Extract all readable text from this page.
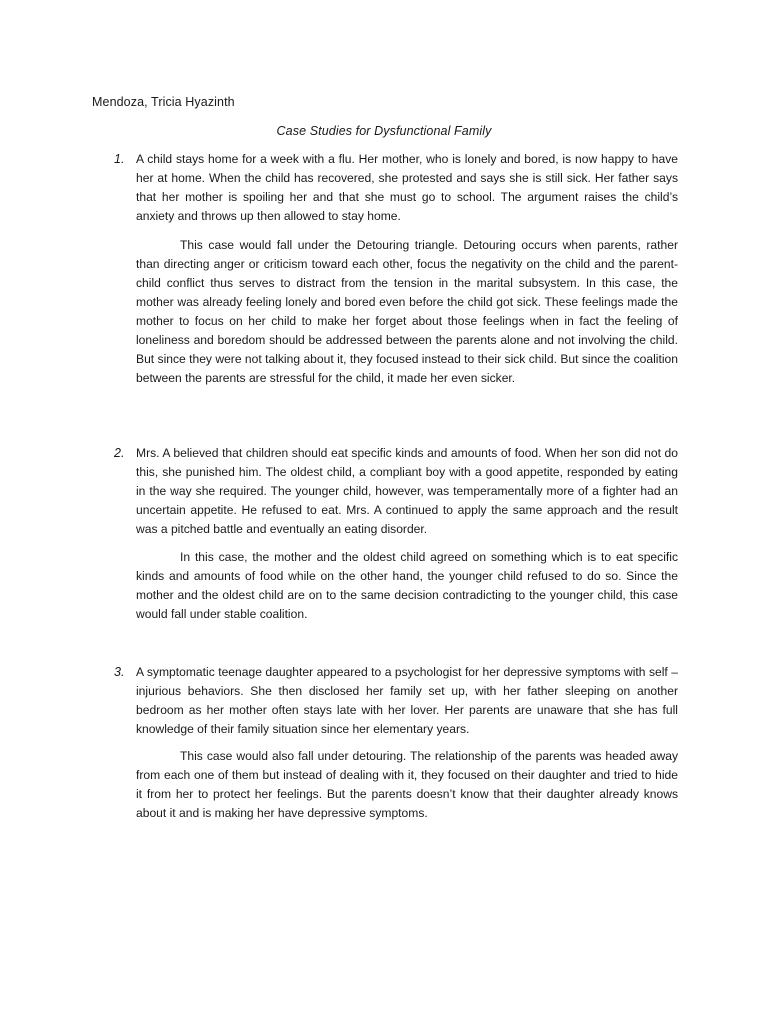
Mendoza, Tricia Hyazinth
Case Studies for Dysfunctional Family
1. A child stays home for a week with a flu. Her mother, who is lonely and bored, is now happy to have her at home. When the child has recovered, she protested and says she is still sick. Her father says that her mother is spoiling her and that she must go to school. The argument raises the child’s anxiety and throws up then allowed to stay home.

This case would fall under the Detouring triangle. Detouring occurs when parents, rather than directing anger or criticism toward each other, focus the negativity on the child and the parent-child conflict thus serves to distract from the tension in the marital subsystem. In this case, the mother was already feeling lonely and bored even before the child got sick. These feelings made the mother to focus on her child to make her forget about those feelings when in fact the feeling of loneliness and boredom should be addressed between the parents alone and not involving the child. But since they were not talking about it, they focused instead to their sick child. But since the coalition between the parents are stressful for the child, it made her even sicker.

2. Mrs. A believed that children should eat specific kinds and amounts of food. When her son did not do this, she punished him. The oldest child, a compliant boy with a good appetite, responded by eating in the way she required. The younger child, however, was temperamentally more of a fighter had an uncertain appetite. He refused to eat. Mrs. A continued to apply the same approach and the result was a pitched battle and eventually an eating disorder.

In this case, the mother and the oldest child agreed on something which is to eat specific kinds and amounts of food while on the other hand, the younger child refused to do so. Since the mother and the oldest child are on to the same decision contradicting to the younger child, this case would fall under stable coalition.

3. A symptomatic teenage daughter appeared to a psychologist for her depressive symptoms with self – injurious behaviors. She then disclosed her family set up, with her father sleeping on another bedroom as her mother often stays late with her lover. Her parents are unaware that she has full knowledge of their family situation since her elementary years.

This case would also fall under detouring. The relationship of the parents was headed away from each one of them but instead of dealing with it, they focused on their daughter and tried to hide it from her to protect her feelings. But the parents doesn’t know that their daughter already knows about it and is making her have depressive symptoms.
